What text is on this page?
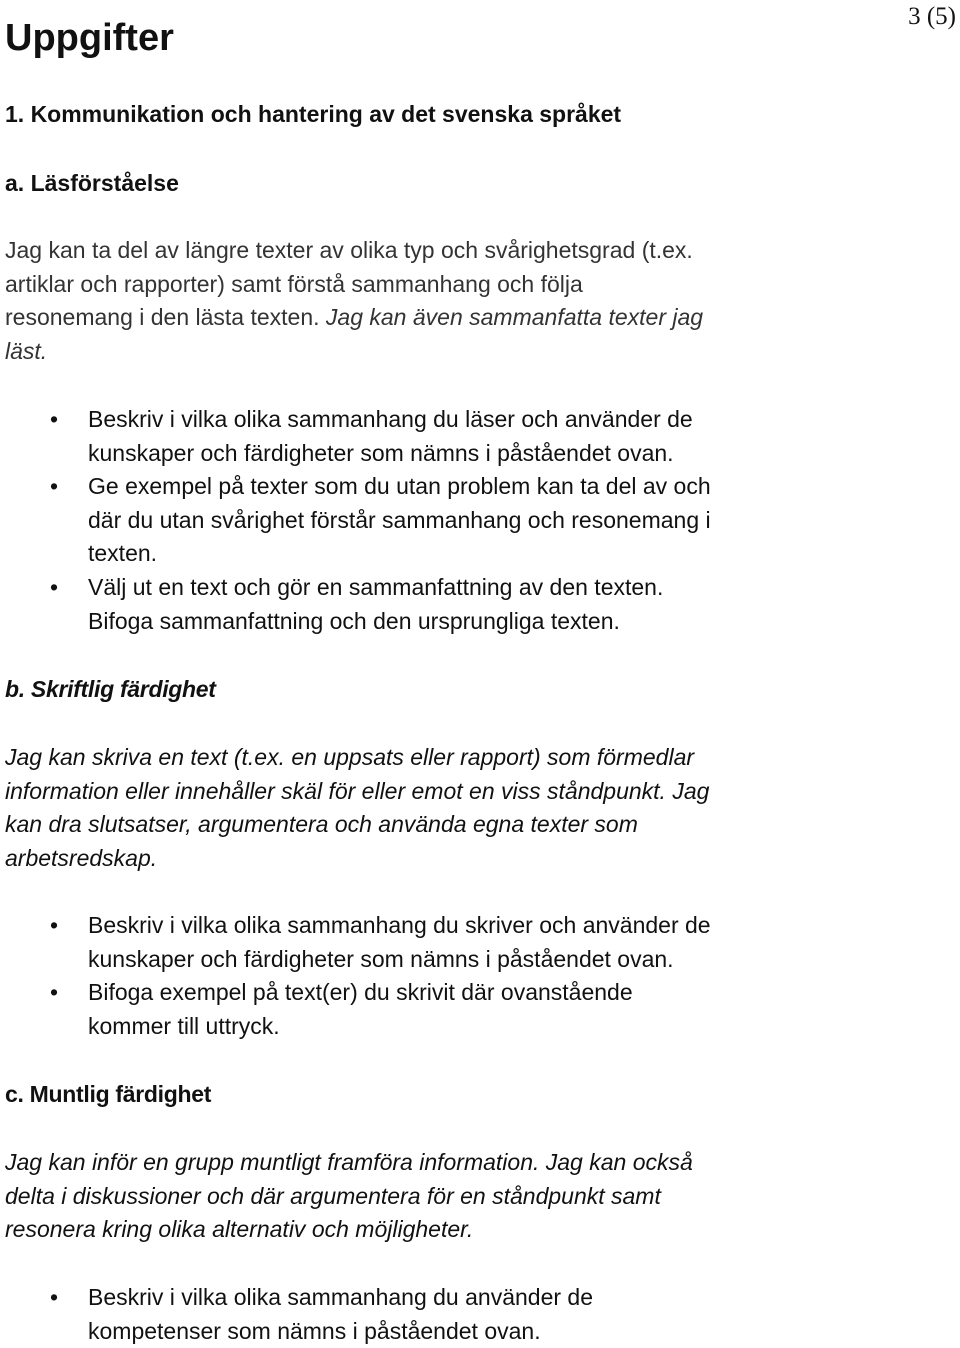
3 (5)
Uppgifter
1. Kommunikation och hantering av det svenska språket
a. Läsförståelse
Jag kan ta del av längre texter av olika typ och svårighetsgrad (t.ex.
artiklar och rapporter) samt förstå sammanhang och följa
resonemang i den lästa texten. Jag kan även sammanfatta texter jag
läst.
• Beskriv i vilka olika sammanhang du läser och använder de
kunskaper och färdigheter som nämns i påståendet ovan.
• Ge exempel på texter som du utan problem kan ta del av och
där du utan svårighet förstår sammanhang och resonemang i
texten.
• Välj ut en text och gör en sammanfattning av den texten.
Bifoga sammanfattning och den ursprungliga texten.
b. Skriftlig färdighet
Jag kan skriva en text (t.ex. en uppsats eller rapport) som förmedlar
information eller innehåller skäl för eller emot en viss ståndpunkt. Jag
kan dra slutsatser, argumentera och använda egna texter som
arbetsredskap.
• Beskriv i vilka olika sammanhang du skriver och använder de
kunskaper och färdigheter som nämns i påståendet ovan.
• Bifoga exempel på text(er) du skrivit där ovanstående
kommer till uttryck.
c. Muntlig färdighet
Jag kan inför en grupp muntligt framföra information. Jag kan också
delta i diskussioner och där argumentera för en ståndpunkt samt
resonera kring olika alternativ och möjligheter.
• Beskriv i vilka olika sammanhang du använder de
kompetenser som nämns i påståendet ovan.
